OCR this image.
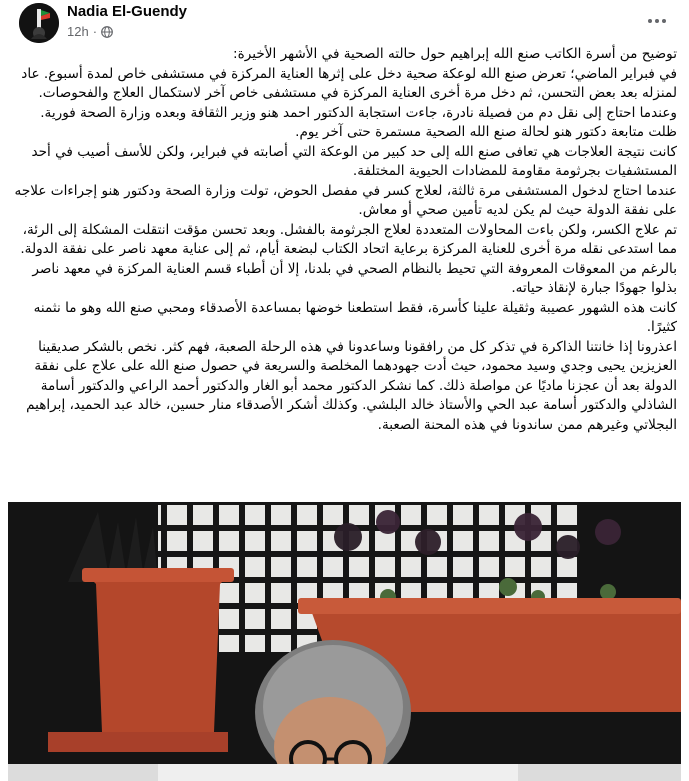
Nadia El-Guendy
12h ·

توضيح من أسرة الكاتب صنع الله إبراهيم حول حالته الصحية في الأشهر الأخيرة:

في فبراير الماضي؛ تعرض صنع الله لوعكة صحية دخل على إثرها العناية المركزة في مستشفى خاص لمدة أسبوع. عاد لمنزله بعد بعض التحسن، ثم دخل مرة أخرى العناية المركزة في مستشفى خاص آخر لاستكمال العلاج والفحوصات.

وعندما احتاج إلى نقل دم من فصيلة نادرة، جاءت استجابة الدكتور احمد هنو وزير الثقافة وبعده وزارة الصحة فورية. ظلت متابعة دكتور هنو لحالة صنع الله الصحية مستمرة حتى آخر يوم.

كانت نتيجة العلاجات هي تعافى صنع الله إلى حد كبير من الوعكة التي أصابته في فبراير، ولكن للأسف أصيب في أحد المستشفيات بجرثومة مقاومة للمضادات الحيوية المختلفة.

عندما احتاج لدخول المستشفى مرة ثالثة، لعلاج كسر في مفصل الحوض، تولت وزارة الصحة ودكتور هنو إجراءات علاجه على نفقة الدولة حيث لم يكن لديه تأمين صحي أو معاش.

تم علاج الكسر، ولكن باءت المحاولات المتعددة لعلاج الجرثومة بالفشل. وبعد تحسن مؤقت انتقلت المشكلة إلى الرئة، مما استدعى نقله مرة أخرى للعناية المركزة برعاية اتحاد الكتاب لبضعة أيام، ثم إلى عناية معهد ناصر على نفقة الدولة.

بالرغم من المعوقات المعروفة التي تحيط بالنظام الصحي في بلدنا، إلا أن أطباء قسم العناية المركزة في معهد ناصر بذلوا جهودًا جبارة لإنقاذ حياته.

كانت هذه الشهور عصيبة وثقيلة علينا كأسرة، فقط استطعنا خوضها بمساعدة الأصدقاء ومحبي صنع الله وهو ما نثمنه كثيرًا.

اعذرونا إذا خانتنا الذاكرة في تذكر كل من رافقونا وساعدونا في هذه الرحلة الصعبة، فهم كثر. نخص بالشكر صديقينا العزيزين يحيى وجدي وسيد محمود، حيث أدت جهودهما المخلصة والسريعة في حصول صنع الله على علاج على نفقة الدولة بعد أن عجزنا ماديًا عن مواصلة ذلك. كما نشكر الدكتور محمد أبو الغار والدكتور أحمد الراعي والدكتور أسامة الشاذلي والدكتور أسامة عبد الحي والأستاذ خالد البلشي. وكذلك أشكر الأصدقاء منار حسين، خالد عبد الحميد، إبراهيم البجلاتي وغيرهم ممن ساندونا في هذه المحنة الصعبة.
